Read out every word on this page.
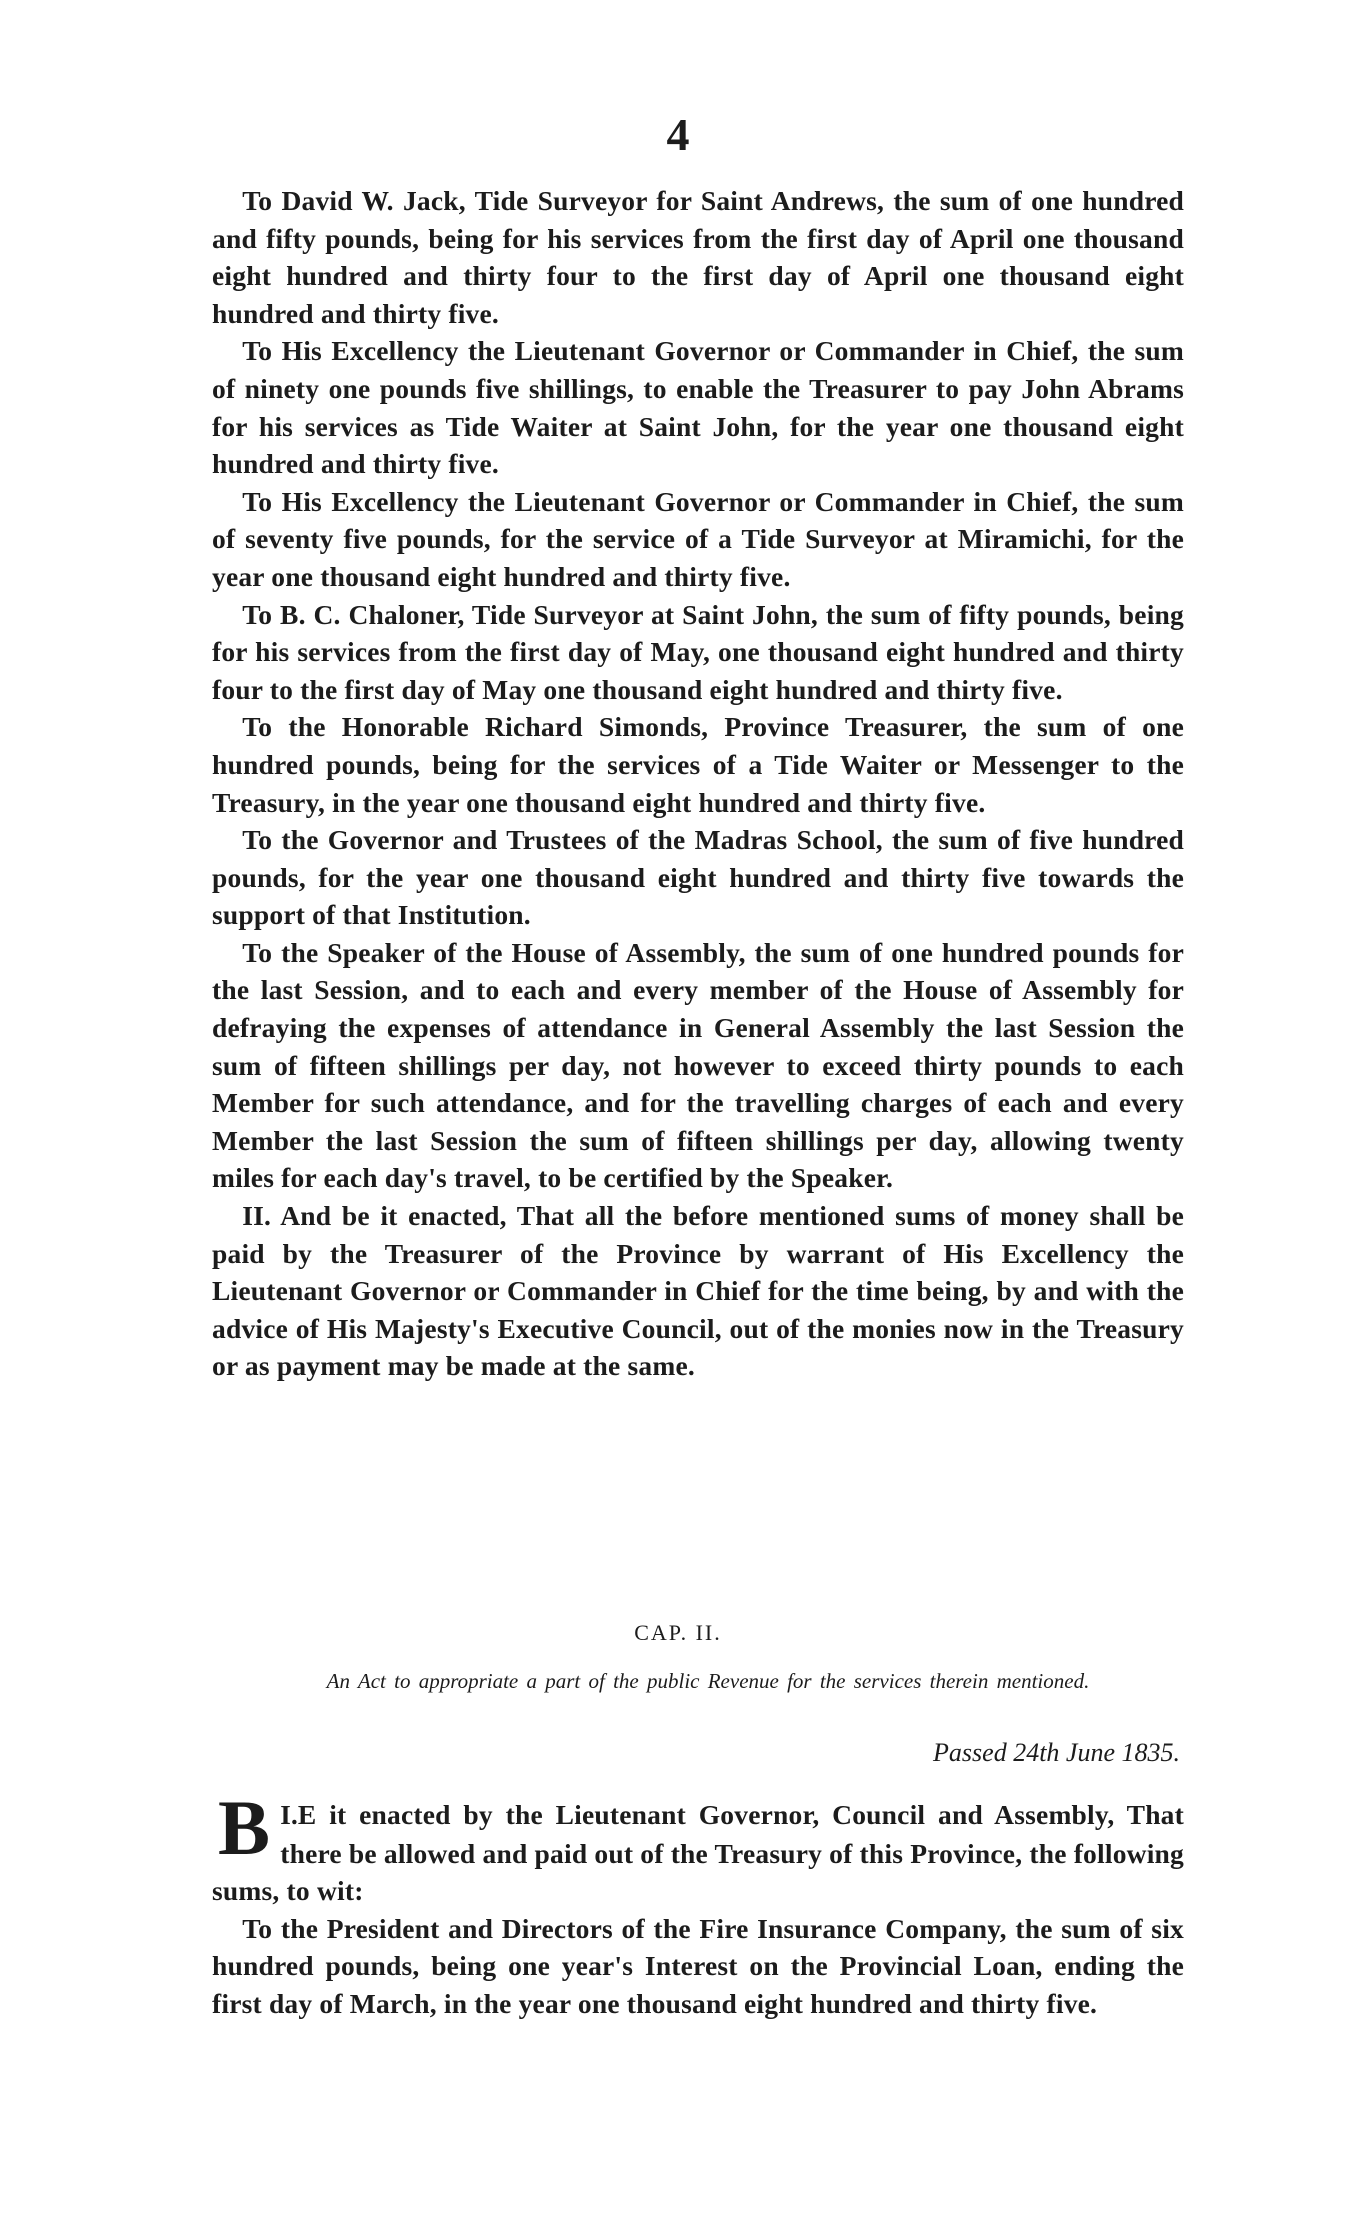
4

To David W. Jack, Tide Surveyor for Saint Andrews, the sum of one hundred and fifty pounds, being for his services from the first day of April one thousand eight hundred and thirty four to the first day of April one thousand eight hundred and thirty five.

To His Excellency the Lieutenant Governor or Commander in Chief, the sum of ninety one pounds five shillings, to enable the Treasurer to pay John Abrams for his services as Tide Waiter at Saint John, for the year one thousand eight hundred and thirty five.

To His Excellency the Lieutenant Governor or Commander in Chief, the sum of seventy five pounds, for the service of a Tide Surveyor at Miramichi, for the year one thousand eight hundred and thirty five.

To B. C. Chaloner, Tide Surveyor at Saint John, the sum of fifty pounds, being for his services from the first day of May, one thousand eight hundred and thirty four to the first day of May one thousand eight hundred and thirty five.

To the Honorable Richard Simonds, Province Treasurer, the sum of one hundred pounds, being for the services of a Tide Waiter or Messenger to the Treasury, in the year one thousand eight hundred and thirty five.

To the Governor and Trustees of the Madras School, the sum of five hundred pounds, for the year one thousand eight hundred and thirty five towards the support of that Institution.

To the Speaker of the House of Assembly, the sum of one hundred pounds for the last Session, and to each and every member of the House of Assembly for defraying the expenses of attendance in General Assembly the last Session the sum of fifteen shillings per day, not however to exceed thirty pounds to each Member for such attendance, and for the travelling charges of each and every Member the last Session the sum of fifteen shillings per day, allowing twenty miles for each day's travel, to be certified by the Speaker.

II. And be it enacted, That all the before mentioned sums of money shall be paid by the Treasurer of the Province by warrant of His Excellency the Lieutenant Governor or Commander in Chief for the time being, by and with the advice of His Majesty's Executive Council, out of the monies now in the Treasury or as payment may be made at the same.

CAP. II.
An Act to appropriate a part of the public Revenue for the services therein mentioned.
Passed 24th June 1835.

I.
B E it enacted by the Lieutenant Governor, Council and Assembly, That there be allowed and paid out of the Treasury of this Province, the following sums, to wit:

To the President and Directors of the Fire Insurance Company, the sum of six hundred pounds, being one year's Interest on the Provincial Loan, ending the first day of March, in the year one thousand eight hundred and thirty five.
